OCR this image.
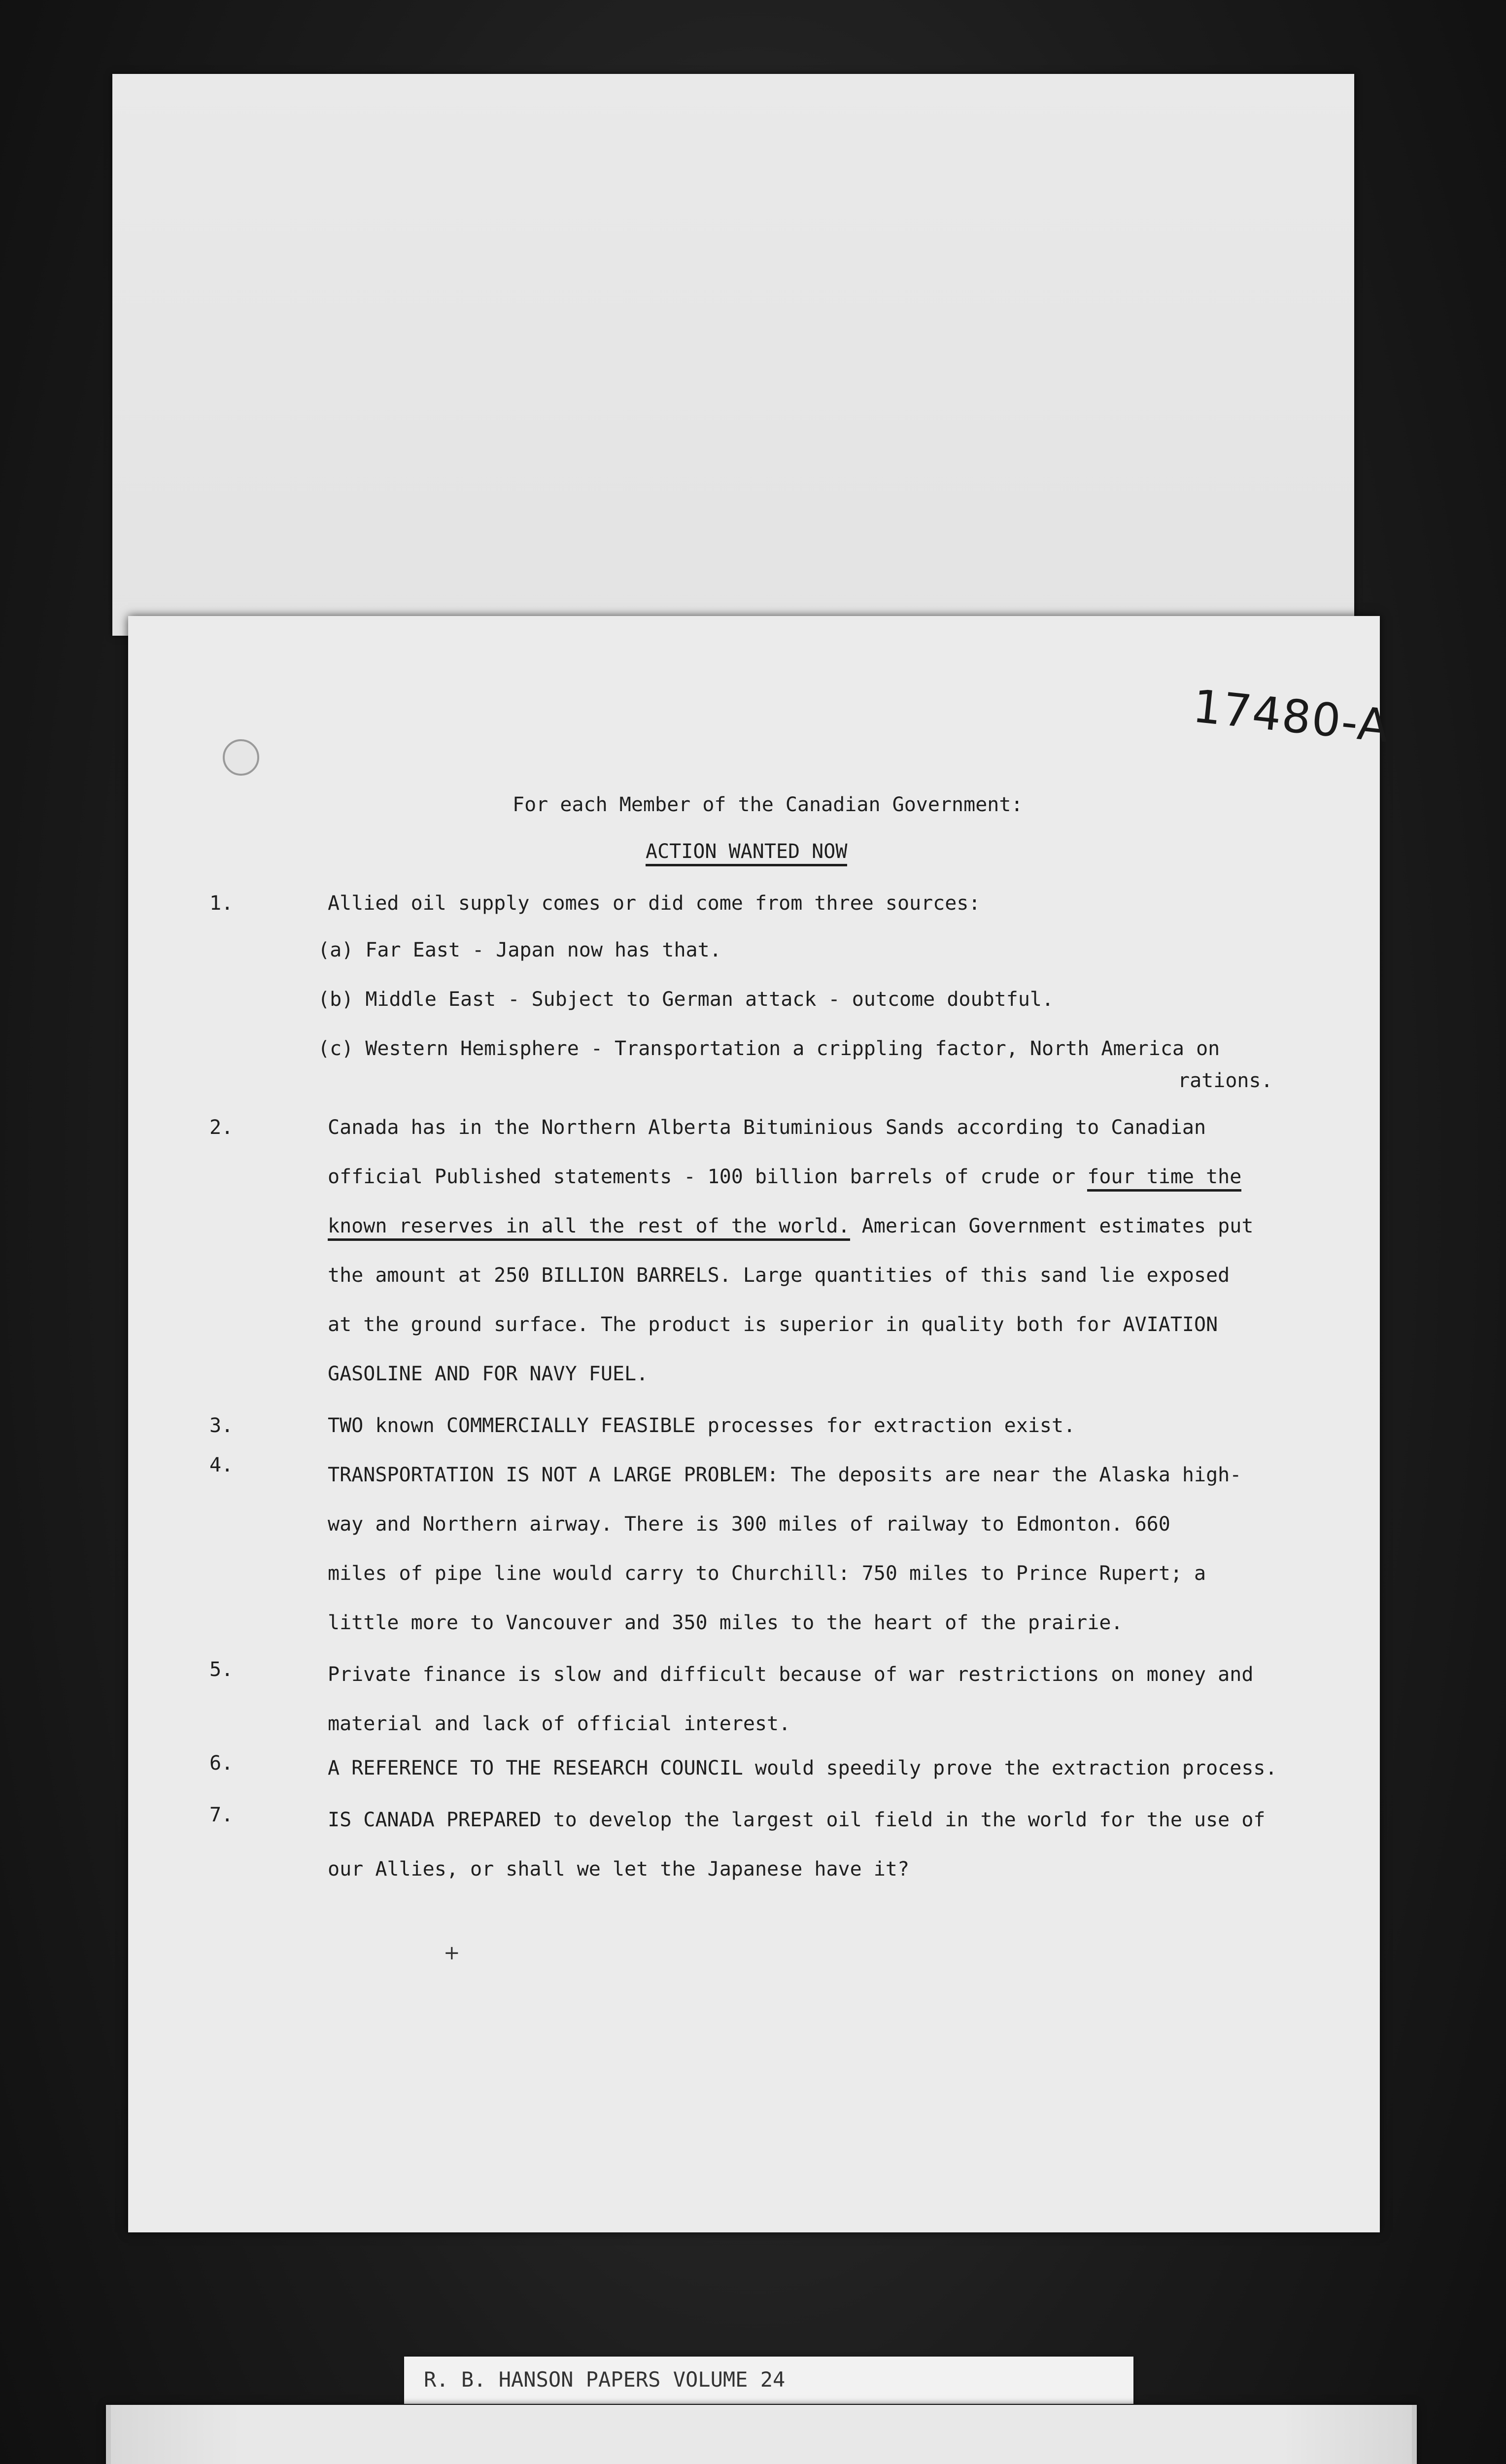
17480-A
For each Member of the Canadian Government:
ACTION WANTED NOW
1.	Allied oil supply comes or did come from three sources:
(a) Far East - Japan now has that.
(b) Middle East - Subject to German attack - outcome doubtful.
(c) Western Hemisphere - Transportation a crippling factor, North America on
rations.
2.	Canada has in the Northern Alberta Bituminious Sands according to Canadian
official Published statements - 100 billion barrels of crude or four time the
known reserves in all the rest of the world. American Government estimates put
the amount at 250 BILLION BARRELS. Large quantities of this sand lie exposed
at the ground surface. The product is superior in quality both for AVIATION
GASOLINE AND FOR NAVY FUEL.
3.	TWO known COMMERCIALLY FEASIBLE processes for extraction exist.
4.	TRANSPORTATION IS NOT A LARGE PROBLEM: The deposits are near the Alaska high-
way and Northern airway. There is 300 miles of railway to Edmonton. 660
miles of pipe line would carry to Churchill: 750 miles to Prince Rupert; a
little more to Vancouver and 350 miles to the heart of the prairie.
5.	Private finance is slow and difficult because of war restrictions on money and
material and lack of official interest.
6.	A REFERENCE TO THE RESEARCH COUNCIL would speedily prove the extraction process.
7.	IS CANADA PREPARED to develop the largest oil field in the world for the use of
our Allies, or shall we let the Japanese have it?
+
R. B. HANSON PAPERS VOLUME 24
